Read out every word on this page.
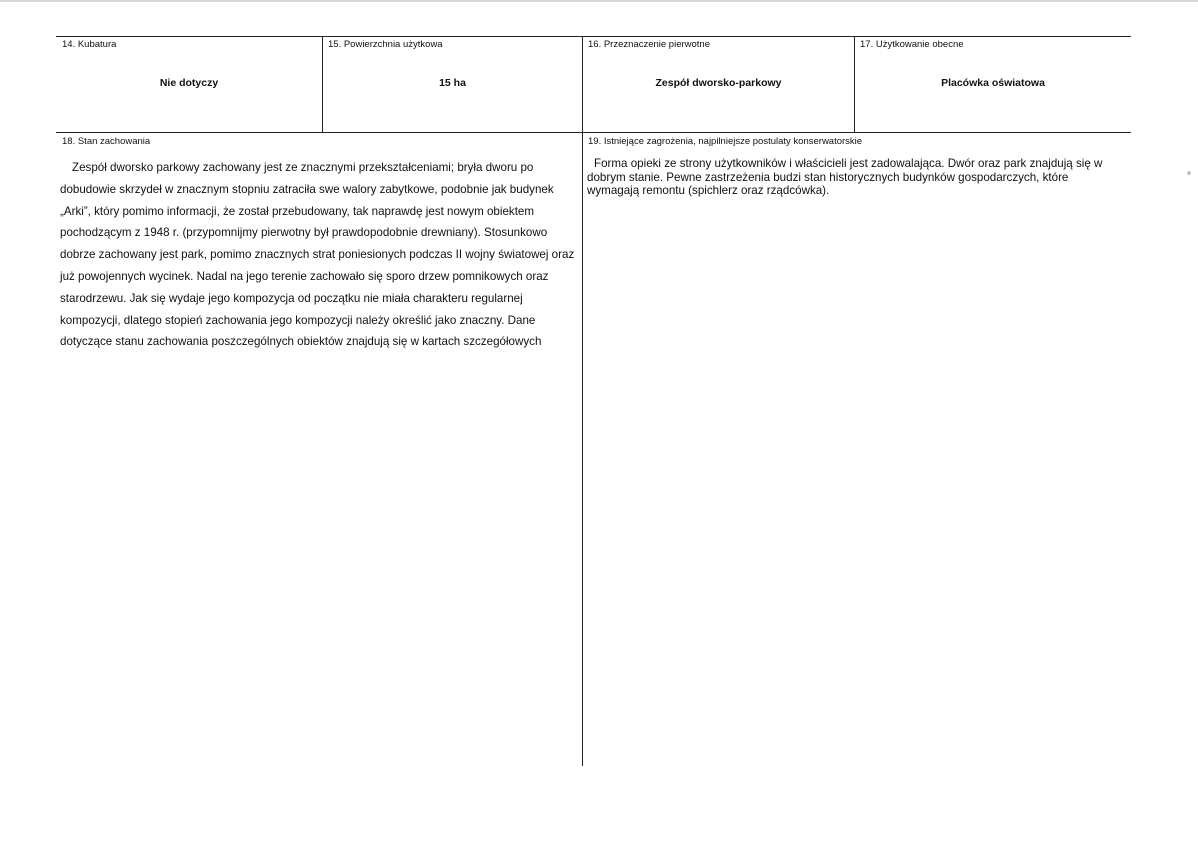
14. Kubatura
Nie dotyczy
15. Powierzchnia użytkowa
15 ha
16. Przeznaczenie pierwotne
Zespół dworsko-parkowy
17. Użytkowanie obecne
Placówka oświatowa
18. Stan zachowania

Zespół dworsko parkowy zachowany jest ze znacznymi przekształceniami; bryła dworu po dobudowie skrzydeł w znacznym stopniu zatraciła swe walory zabytkowe, podobnie jak budynek „Arki”, który pomimo informacji, że został przebudowany, tak naprawdę jest nowym obiektem pochodzącym z 1948 r. (przypomnijmy pierwotny był prawdopodobnie drewniany). Stosunkowo dobrze zachowany jest park, pomimo znacznych strat poniesionych podczas II wojny światowej oraz już powojennych wycinek. Nadal na jego terenie zachowało się sporo drzew pomnikowych oraz starodrzewu. Jak się wydaje jego kompozycja od początku nie miała charakteru regularnej kompozycji, dlatego stopień zachowania jego kompozycji należy określić jako znaczny. Dane dotyczące stanu zachowania poszczególnych obiektów znajdują się w kartach szczegółowych

19. Istniejące zagrożenia, najpilniejsze postulaty konserwatorskie

Forma opieki ze strony użytkowników i właścicieli jest zadowalająca. Dwór oraz park znajdują się w dobrym stanie. Pewne zastrzeżenia budzi stan historycznych budynków gospodarczych, które wymagają remontu (spichlerz oraz rządcówka).
